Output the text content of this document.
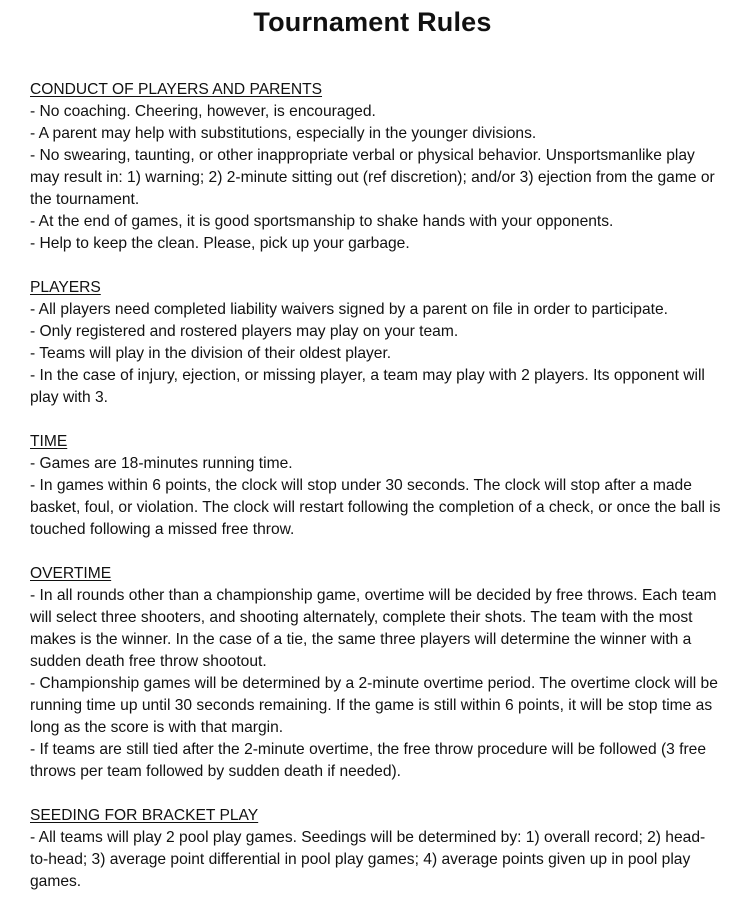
Tournament Rules
CONDUCT OF PLAYERS AND PARENTS
- No coaching. Cheering, however, is encouraged.
- A parent may help with substitutions, especially in the younger divisions.
- No swearing, taunting, or other inappropriate verbal or physical behavior. Unsportsmanlike play may result in: 1) warning; 2) 2-minute sitting out (ref discretion); and/or 3) ejection from the game or the tournament.
- At the end of games, it is good sportsmanship to shake hands with your opponents.
- Help to keep the clean. Please, pick up your garbage.
PLAYERS
- All players need completed liability waivers signed by a parent on file in order to participate.
- Only registered and rostered players may play on your team.
- Teams will play in the division of their oldest player.
- In the case of injury, ejection, or missing player, a team may play with 2 players. Its opponent will play with 3.
TIME
- Games are 18-minutes running time.
- In games within 6 points, the clock will stop under 30 seconds. The clock will stop after a made basket, foul, or violation. The clock will restart following the completion of a check, or once the ball is touched following a missed free throw.
OVERTIME
- In all rounds other than a championship game, overtime will be decided by free throws. Each team will select three shooters, and shooting alternately, complete their shots. The team with the most makes is the winner. In the case of a tie, the same three players will determine the winner with a sudden death free throw shootout.
- Championship games will be determined by a 2-minute overtime period. The overtime clock will be running time up until 30 seconds remaining. If the game is still within 6 points, it will be stop time as long as the score is with that margin.
- If teams are still tied after the 2-minute overtime, the free throw procedure will be followed (3 free throws per team followed by sudden death if needed).
SEEDING FOR BRACKET PLAY
- All teams will play 2 pool play games. Seedings will be determined by: 1) overall record; 2) head-to-head; 3) average point differential in pool play games; 4) average points given up in pool play games.
